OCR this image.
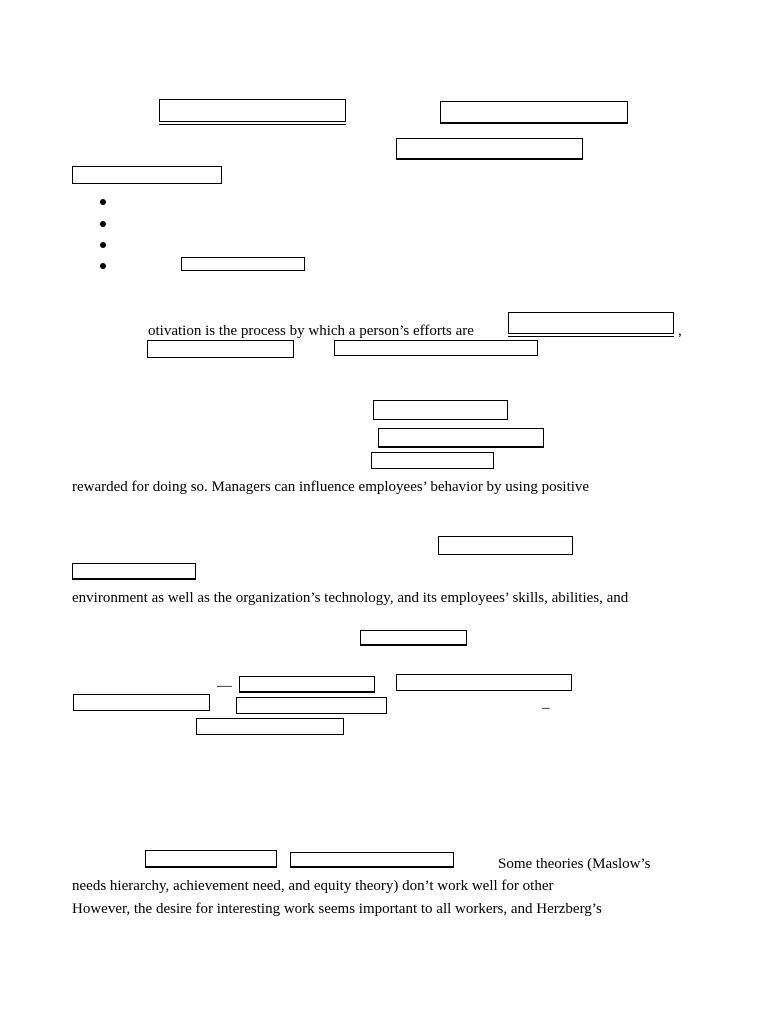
otivation is the process by which a person’s efforts are	,
rewarded for doing so. Managers can influence employees’ behavior by using positive
environment as well as the organization’s technology, and its employees’ skills, abilities, and
—
–
Some theories (Maslow’s
needs hierarchy, achievement need, and equity theory) don’t work well for other
However, the desire for interesting work seems important to all workers, and Herzberg’s
